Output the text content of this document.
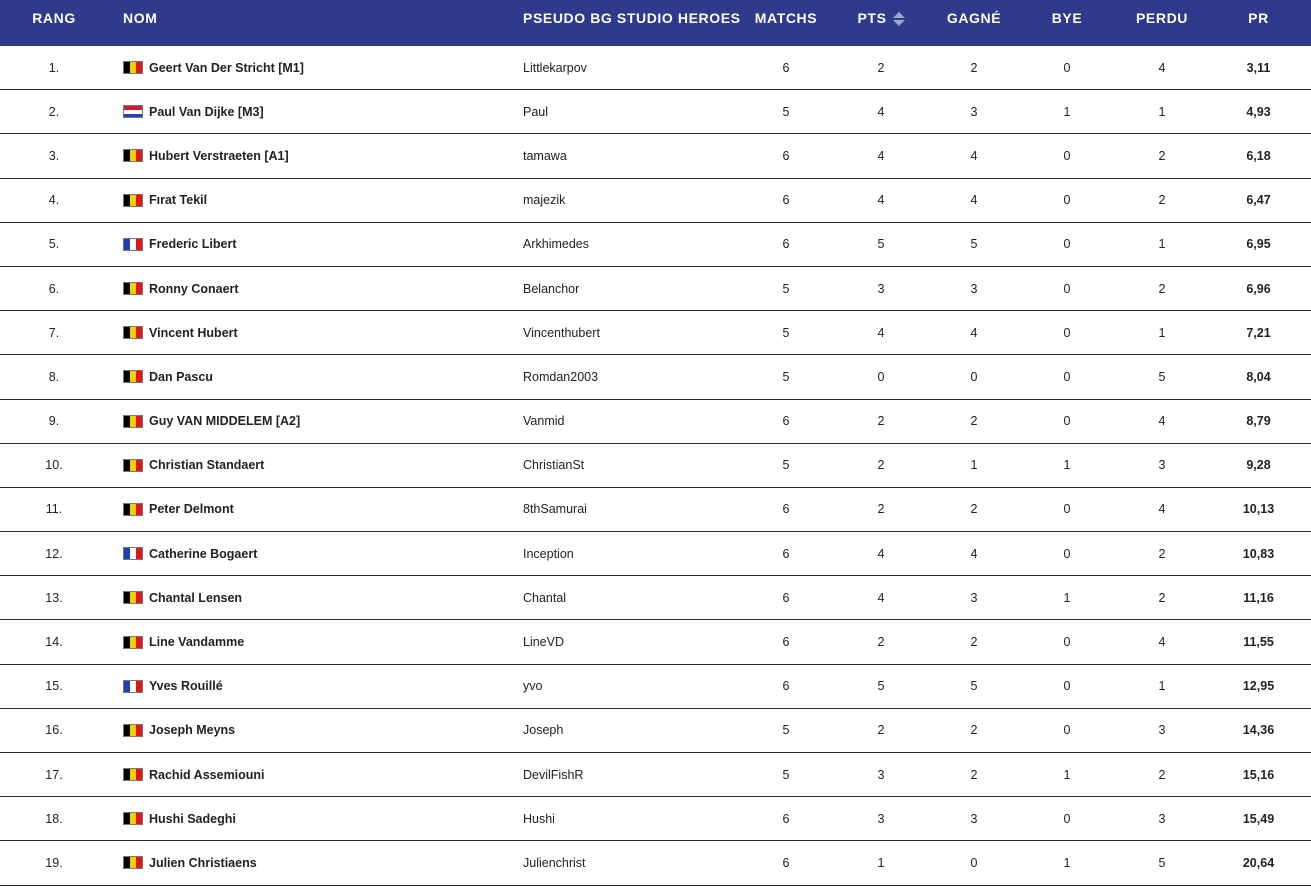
RANG	NOM	PSEUDO BG STUDIO HEROES	MATCHS	PTS	GAGNÉ	BYE	PERDU	PR
1.	Geert Van Der Stricht [M1]	Littlekarpov	6	2	2	0	4	3,11
2.	Paul Van Dijke [M3]	Paul	5	4	3	1	1	4,93
3.	Hubert Verstraeten [A1]	tamawa	6	4	4	0	2	6,18
4.	Fırat Tekil	majezik	6	4	4	0	2	6,47
5.	Frederic Libert	Arkhimedes	6	5	5	0	1	6,95
6.	Ronny Conaert	Belanchor	5	3	3	0	2	6,96
7.	Vincent Hubert	Vincenthubert	5	4	4	0	1	7,21
8.	Dan Pascu	Romdan2003	5	0	0	0	5	8,04
9.	Guy VAN MIDDELEM [A2]	Vanmid	6	2	2	0	4	8,79
10.	Christian Standaert	ChristianSt	5	2	1	1	3	9,28
11.	Peter Delmont	8thSamurai	6	2	2	0	4	10,13
12.	Catherine Bogaert	Inception	6	4	4	0	2	10,83
13.	Chantal Lensen	Chantal	6	4	3	1	2	11,16
14.	Line Vandamme	LineVD	6	2	2	0	4	11,55
15.	Yves Rouillé	yvo	6	5	5	0	1	12,95
16.	Joseph Meyns	Joseph	5	2	2	0	3	14,36
17.	Rachid Assemiouni	DevilFishR	5	3	2	1	2	15,16
18.	Hushi Sadeghi	Hushi	6	3	3	0	3	15,49
19.	Julien Christiaens	Julienchrist	6	1	0	1	5	20,64
